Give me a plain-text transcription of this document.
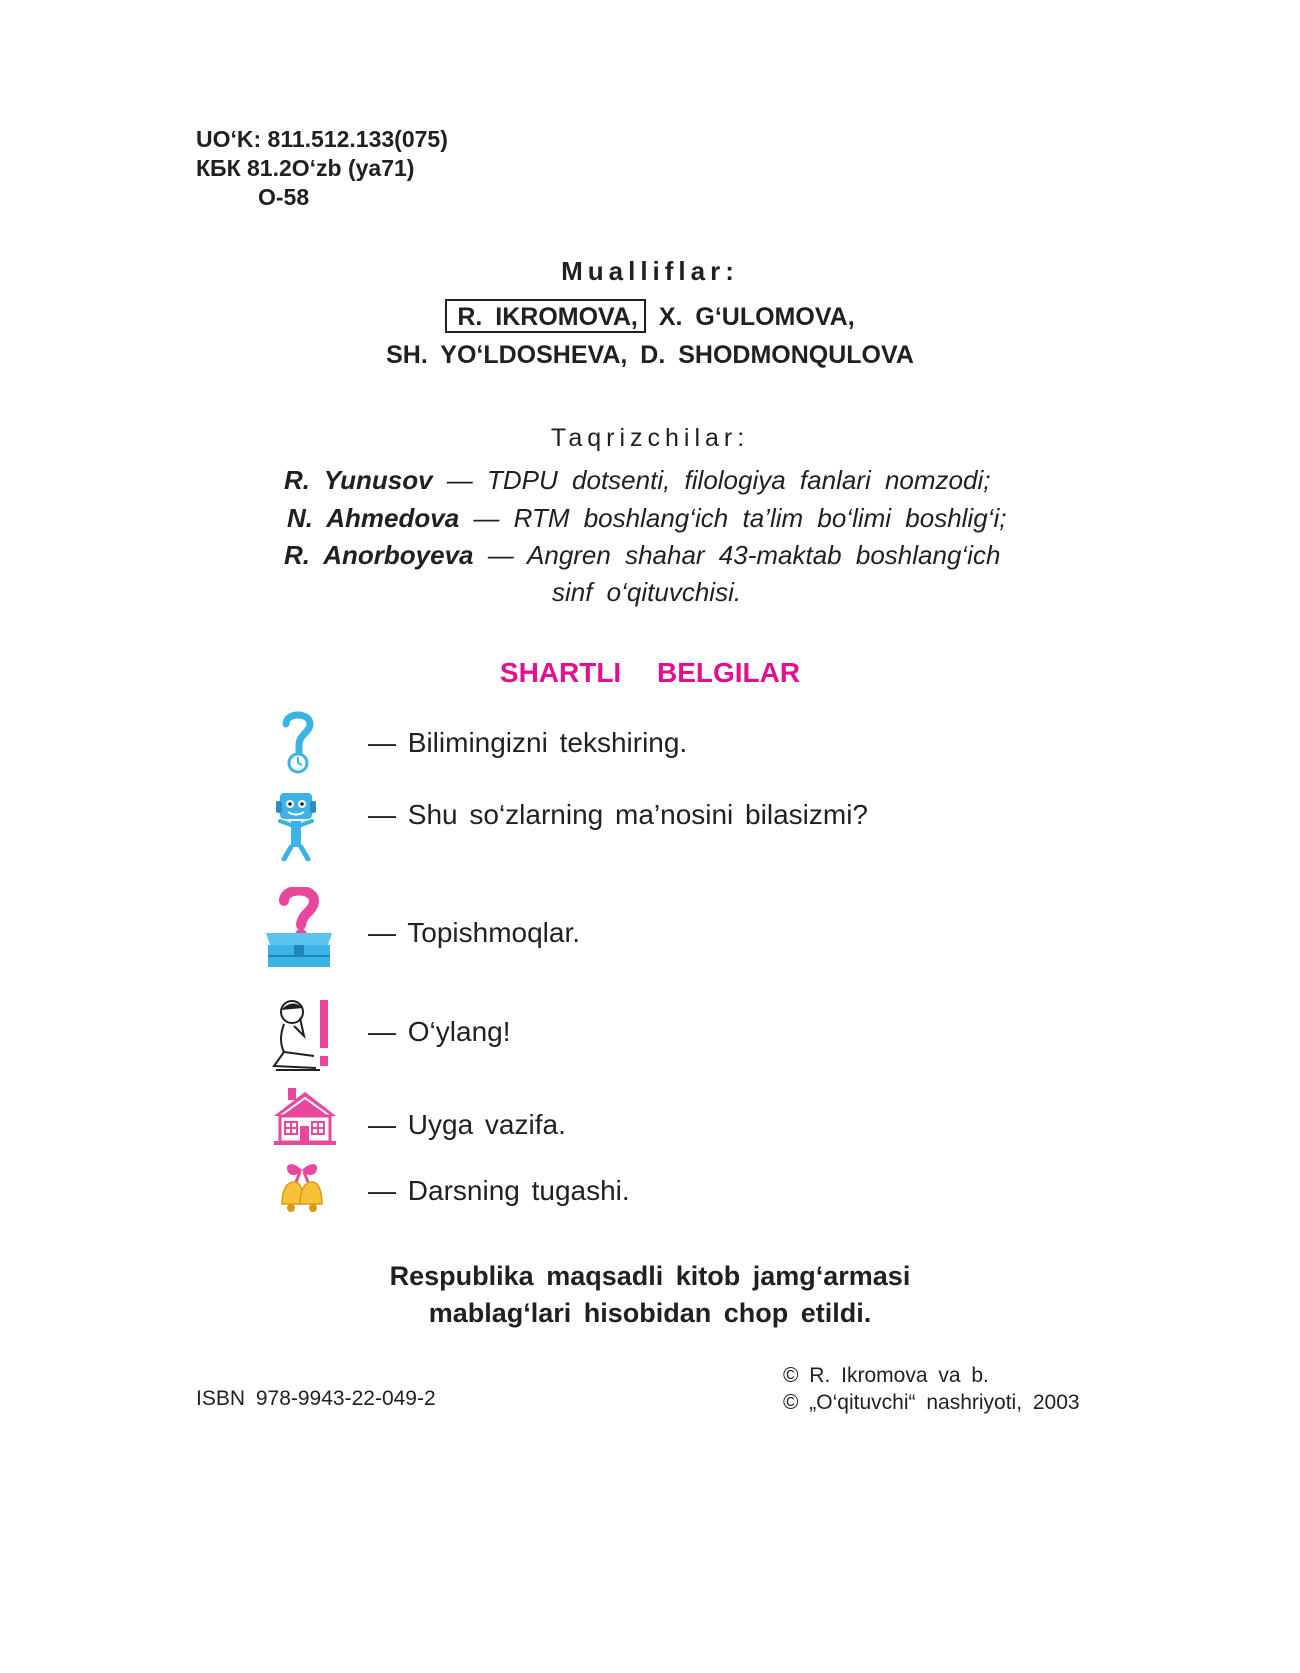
UO‘K: 811.512.133(075)
КБК 81.2O‘zb (ya71)
O-58
Mualliflar:
R. IKROMOVA, X. G‘ULOMOVA,
SH. YO‘LDOSHEVA, D. SHODMONQULOVA
Taqrizchilar:
R. Yunusov — TDPU dotsenti, filologiya fanlari nomzodi;
N. Ahmedova — RTM boshlang‘ich ta’lim bo‘limi boshlig‘i;
R. Anorboyeva — Angren shahar 43-maktab boshlang‘ich
sinf o‘qituvchisi.
SHARTLI BELGILAR
— Bilimingizni tekshiring.
— Shu so‘zlarning ma’nosini bilasizmi?
— Topishmoqlar.
— O‘ylang!
— Uyga vazifa.
— Darsning tugashi.
Respublika maqsadli kitob jamg‘armasi
mablag‘lari hisobidan chop etildi.
ISBN 978-9943-22-049-2
© R. Ikromova va b.
© „O‘qituvchi“ nashriyoti, 2003
